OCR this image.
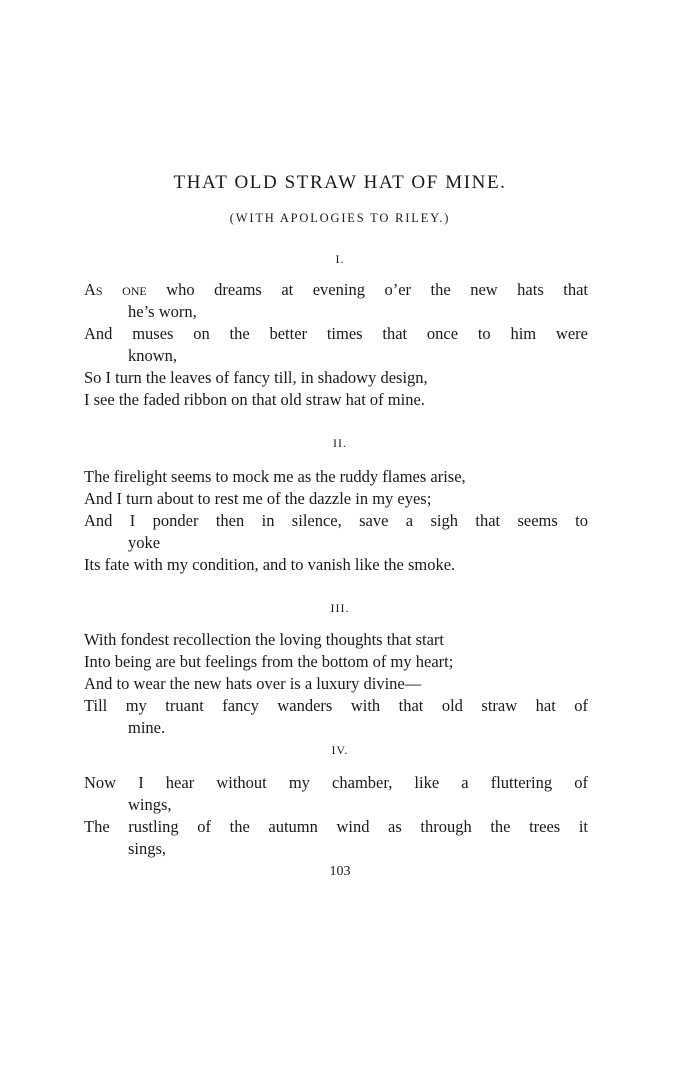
THAT OLD STRAW HAT OF MINE.

(WITH APOLOGIES TO RILEY.)

I.

As one who dreams at evening o’er the new hats that
he’s worn,
And muses on the better times that once to him were
known,
So I turn the leaves of fancy till, in shadowy design,
I see the faded ribbon on that old straw hat of mine.

II.

The firelight seems to mock me as the ruddy flames arise,
And I turn about to rest me of the dazzle in my eyes;
And I ponder then in silence, save a sigh that seems to
yoke
Its fate with my condition, and to vanish like the smoke.

III.

With fondest recollection the loving thoughts that start
Into being are but feelings from the bottom of my heart;
And to wear the new hats over is a luxury divine—
Till my truant fancy wanders with that old straw hat of
mine.

IV.

Now I hear without my chamber, like a fluttering of
wings,
The rustling of the autumn wind as through the trees it
sings,

103
